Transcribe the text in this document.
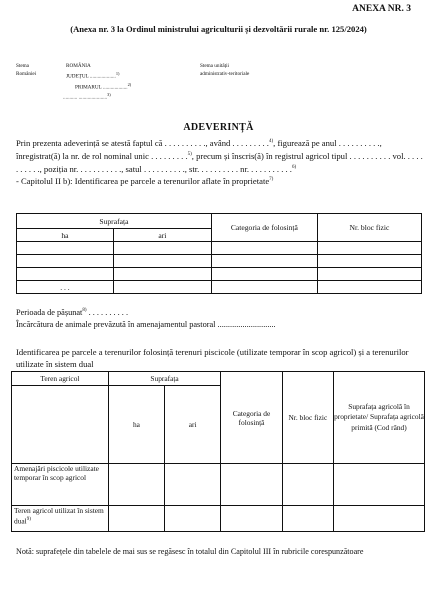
ANEXA NR. 3
(Anexa nr. 3 la Ordinul ministrului agriculturii și dezvoltării rurale nr. 125/2024)
Stema
României
ROMÂNIA
JUDEȚUL ....................$^{1)}$
PRIMARUL ...................$^{2)}$
........... ......................$^{3)}$
Stema unității
administrativ-teritoriale
ADEVERINȚĂ
Prin prezenta adeverință se atestă faptul că . . . . . . . . . ., având . . . . . . . . .$^{4)}$, figurează pe anul . . . . . . . . . ., înregistrat(ă) la nr. de rol nominal unic . . . . . . . . .$^{5)}$, precum și înscris(ă) în registrul agricol tipul . . . . . . . . . . vol. . . . . . . . . . ., poziția nr. . . . . . . . . . ., satul . . . . . . . . . ., str. . . . . . . . . . nr. . . . . . . . . . .$^{6)}$
- Capitolul II b): Identificarea pe parcele a terenurilor aflate în proprietate$^{7)}$
Suprafața		Categoria de folosință	Nr. bloc fizic
ha	ari		

. . .			
Perioada de pășunat$^{8)}$ . . . . . . . . . .
Încărcătura de animale prevăzută în amenajamentul pastoral ............................
Identificarea pe parcele a terenurilor folosință terenuri piscicole (utilizate temporar în scop agricol) și a terenurilor utilizate în sistem dual
Teren agricol	Suprafața		Categoria de folosință	Nr. bloc fizic	Suprafața agricolă în proprietate/ Suprafața agricolă primită (Cod rând)
	ha	ari			
Amenajări piscicole utilizate temporar în scop agricol					
Teren agricol utilizat în sistem dual$^{9)}$					
Notă: suprafețele din tabelele de mai sus se regăsesc în totalul din Capitolul III în rubricile corespunzătoare
